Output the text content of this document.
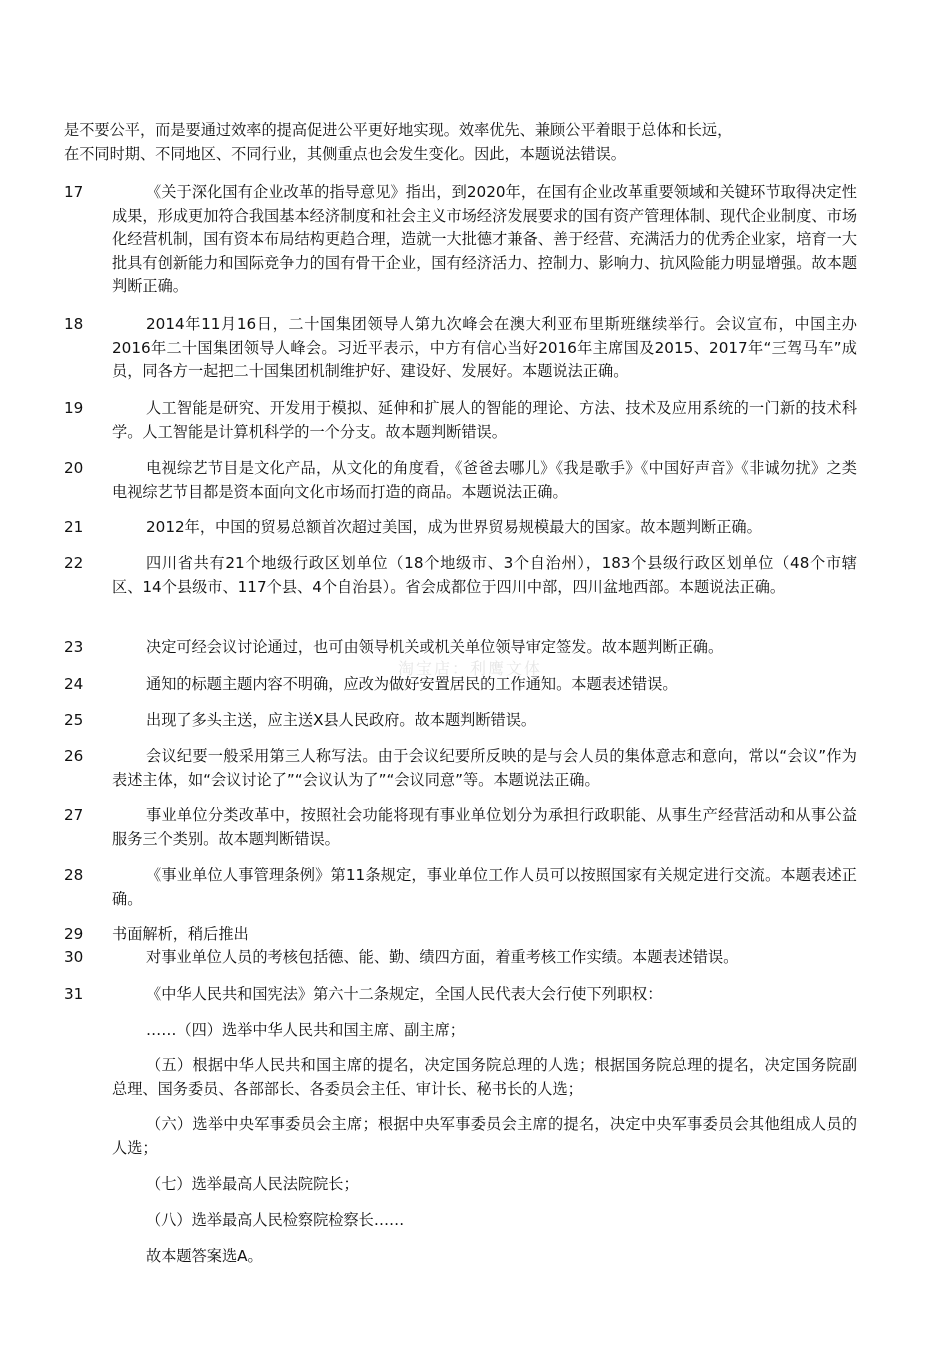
是不要公平，而是要通过效率的提高促进公平更好地实现。效率优先、兼顾公平着眼于总体和长远，
在不同时期、不同地区、不同行业，其侧重点也会发生变化。因此，本题说法错误。
17	《关于深化国有企业改革的指导意见》指出，到2020年，在国有企业改革重要领域和关键环节取得决定性成果，形成更加符合我国基本经济制度和社会主义市场经济发展要求的国有资产管理体制、现代企业制度、市场化经营机制，国有资本布局结构更趋合理，造就一大批德才兼备、善于经营、充满活力的优秀企业家，培育一大批具有创新能力和国际竞争力的国有骨干企业，国有经济活力、控制力、影响力、抗风险能力明显增强。故本题判断正确。
18	2014年11月16日，二十国集团领导人第九次峰会在澳大利亚布里斯班继续举行。会议宣布，中国主办2016年二十国集团领导人峰会。习近平表示，中方有信心当好2016年主席国及2015、2017年“三驾马车”成员，同各方一起把二十国集团机制维护好、建设好、发展好。本题说法正确。
19	人工智能是研究、开发用于模拟、延伸和扩展人的智能的理论、方法、技术及应用系统的一门新的技术科学。人工智能是计算机科学的一个分支。故本题判断错误。
20	电视综艺节目是文化产品，从文化的角度看，《爸爸去哪儿》《我是歌手》《中国好声音》《非诚勿扰》之类电视综艺节目都是资本面向文化市场而打造的商品。本题说法正确。
21	2012年，中国的贸易总额首次超过美国，成为世界贸易规模最大的国家。故本题判断正确。
22	四川省共有21个地级行政区划单位（18个地级市、3个自治州），183个县级行政区划单位（48个市辖区、14个县级市、117个县、4个自治县）。省会成都位于四川中部，四川盆地西部。本题说法正确。
23	决定可经会议讨论通过，也可由领导机关或机关单位领导审定签发。故本题判断正确。
淘宝店：利鹰文体
24	通知的标题主题内容不明确，应改为做好安置居民的工作通知。本题表述错误。
25	出现了多头主送，应主送X县人民政府。故本题判断错误。
26	会议纪要一般采用第三人称写法。由于会议纪要所反映的是与会人员的集体意志和意向，常以“会议”作为表述主体，如“会议讨论了”“会议认为了”“会议同意”等。本题说法正确。
27	事业单位分类改革中，按照社会功能将现有事业单位划分为承担行政职能、从事生产经营活动和从事公益服务三个类别。故本题判断错误。
28	《事业单位人事管理条例》第11条规定，事业单位工作人员可以按照国家有关规定进行交流。本题表述正确。
29 书面解析，稍后推出
30	对事业单位人员的考核包括德、能、勤、绩四方面，着重考核工作实绩。本题表述错误。
31	《中华人民共和国宪法》第六十二条规定，全国人民代表大会行使下列职权：
……（四）选举中华人民共和国主席、副主席；
（五）根据中华人民共和国主席的提名，决定国务院总理的人选；根据国务院总理的提名，决定国务院副总理、国务委员、各部部长、各委员会主任、审计长、秘书长的人选；
（六）选举中央军事委员会主席；根据中央军事委员会主席的提名，决定中央军事委员会其他组成人员的人选；
（七）选举最高人民法院院长；
（八）选举最高人民检察院检察长……
故本题答案选A。
